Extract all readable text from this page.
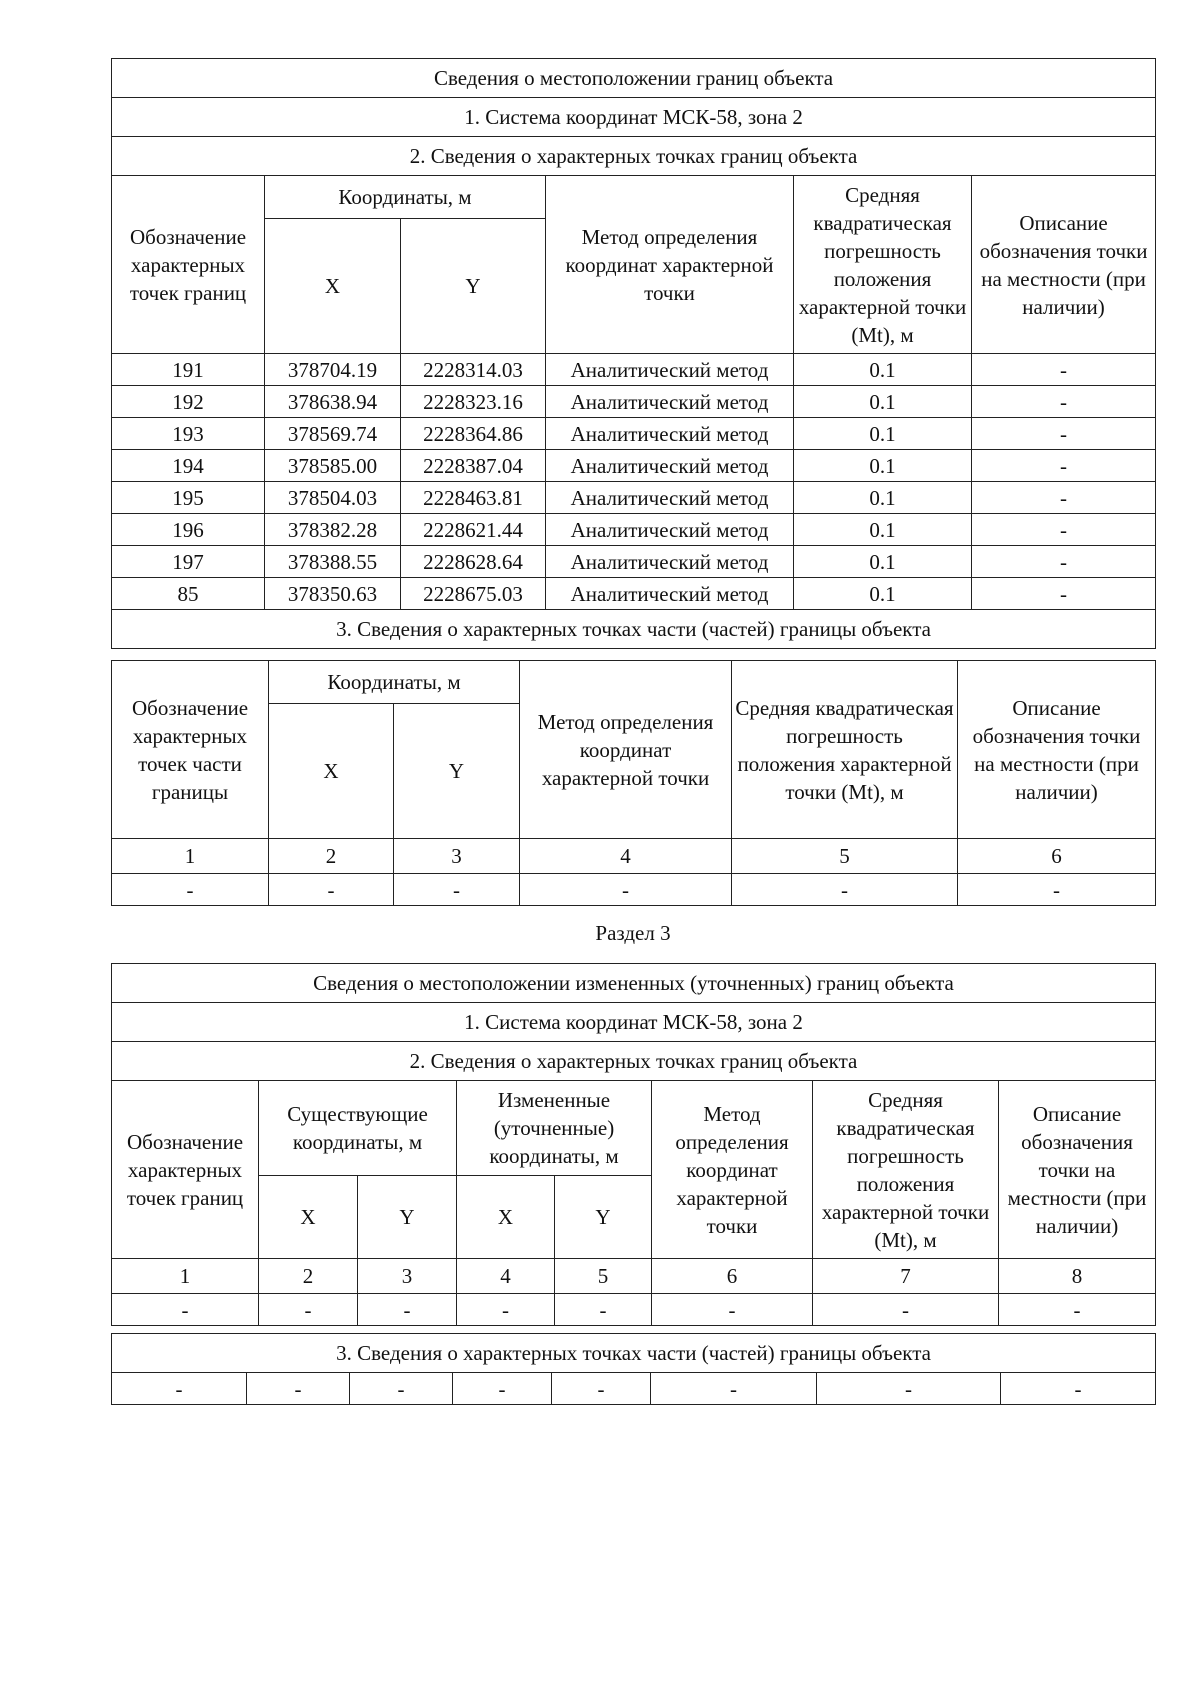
Сведения о местоположении границ объекта					
1. Система координат МСК-58, зона 2					
2. Сведения о характерных точках границ объекта					
Обозначение характерных точек границ	Координаты, м		Метод определения координат характерной точки	Средняя квадратическая погрешность положения характерной точки (Mt), м	Описание обозначения точки на местности (при наличии)
	X	Y			
191	378704.19	2228314.03	Аналитический метод	0.1	-
192	378638.94	2228323.16	Аналитический метод	0.1	-
193	378569.74	2228364.86	Аналитический метод	0.1	-
194	378585.00	2228387.04	Аналитический метод	0.1	-
195	378504.03	2228463.81	Аналитический метод	0.1	-
196	378382.28	2228621.44	Аналитический метод	0.1	-
197	378388.55	2228628.64	Аналитический метод	0.1	-
85	378350.63	2228675.03	Аналитический метод	0.1	-
3. Сведения о характерных точках части (частей) границы объекта					
Обозначение характерных точек части границы	Координаты, м		Метод определения координат характерной точки	Средняя квадратическая погрешность положения характерной точки (Mt), м	Описание обозначения точки на местности (при наличии)
	X	Y			
1	2	3	4	5	6
-	-	-	-	-	-
Раздел 3
Сведения о местоположении измененных (уточненных) границ объекта							
1. Система координат МСК-58, зона 2							
2. Сведения о характерных точках границ объекта							
Обозначение характерных точек границ	Существующие координаты, м		Измененные (уточненные) координаты, м		Метод определения координат характерной точки	Средняя квадратическая погрешность положения характерной точки (Mt), м	Описание обозначения точки на местности (при наличии)
	X	Y	X	Y			
1	2	3	4	5	6	7	8
-	-	-	-	-	-	-	-
3. Сведения о характерных точках части (частей) границы объекта
-	-	-	-	-	-	-	-
